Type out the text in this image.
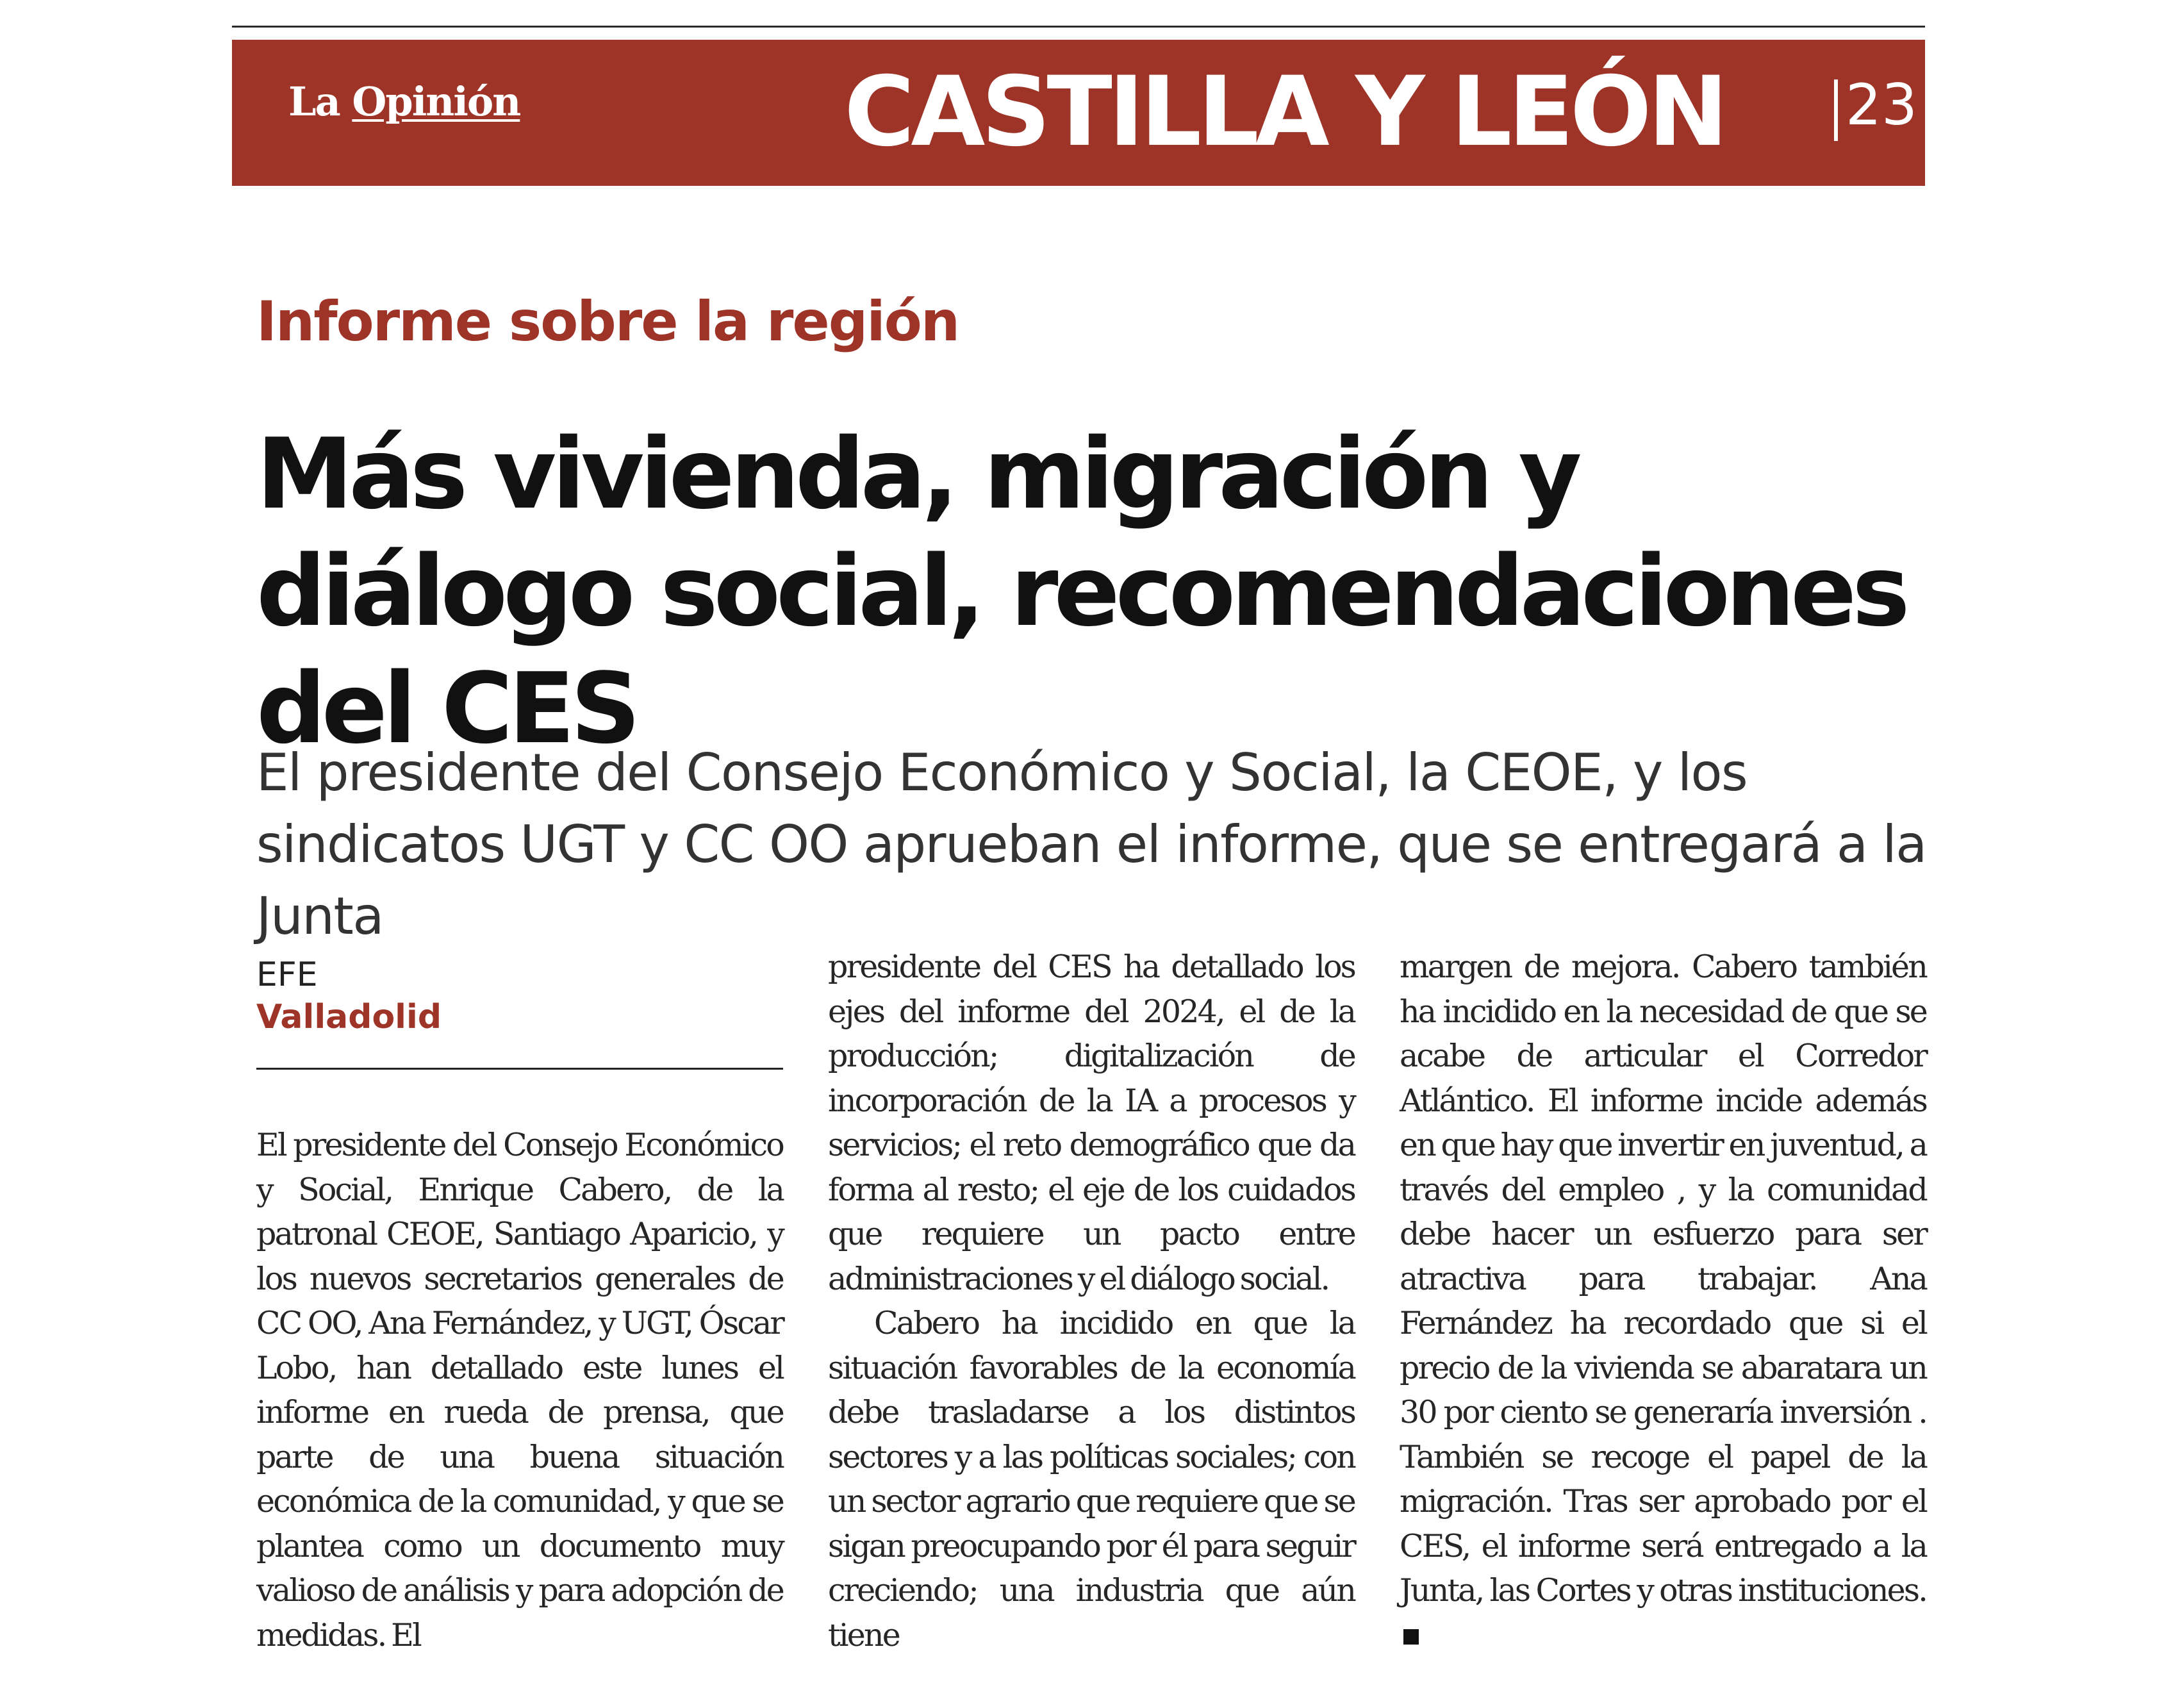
La Opinión	CASTILLA Y LEÓN 23
Informe sobre la región
Más vivienda, migración y diálogo social, recomendaciones del CES
El presidente del Consejo Económico y Social, la CEOE, y los sindicatos UGT y CC OO aprueban el informe, que se entregará a la Junta
EFE
Valladolid

El presidente del Consejo Económico y Social, Enrique Cabero, de la patronal CEOE, Santiago Aparicio, y los nuevos secretarios generales de CC OO, Ana Fernández, y UGT, Óscar Lobo, han detallado este lunes el informe en rueda de prensa, que parte de una buena situación económica de la comunidad, y que se plantea como un documento muy valioso de análisis y para adopción de medidas. El

presidente del CES ha detallado los ejes del informe del 2024, el de la producción; digitalización de incorporación de la IA a procesos y servicios; el reto demográfico que da forma al resto; el eje de los cuidados que requiere un pacto entre administraciones y el diálogo social.

Cabero ha incidido en que la situación favorables de la economía debe trasladarse a los distintos sectores y a las políticas sociales; con un sector agrario que requiere que se sigan preocupando por él para seguir creciendo; una industria que aún tiene

margen de mejora. Cabero también ha incidido en la necesidad de que se acabe de articular el Corredor Atlántico. El informe incide además en que hay que invertir en juventud, a través del empleo , y la comunidad debe hacer un esfuerzo para ser atractiva para trabajar. Ana Fernández ha recordado que si el precio de la vivienda se abaratara un 30 por ciento se generaría inversión . También se recoge el papel de la migración. Tras ser aprobado por el CES, el informe será entregado a la Junta, las Cortes y otras instituciones.
